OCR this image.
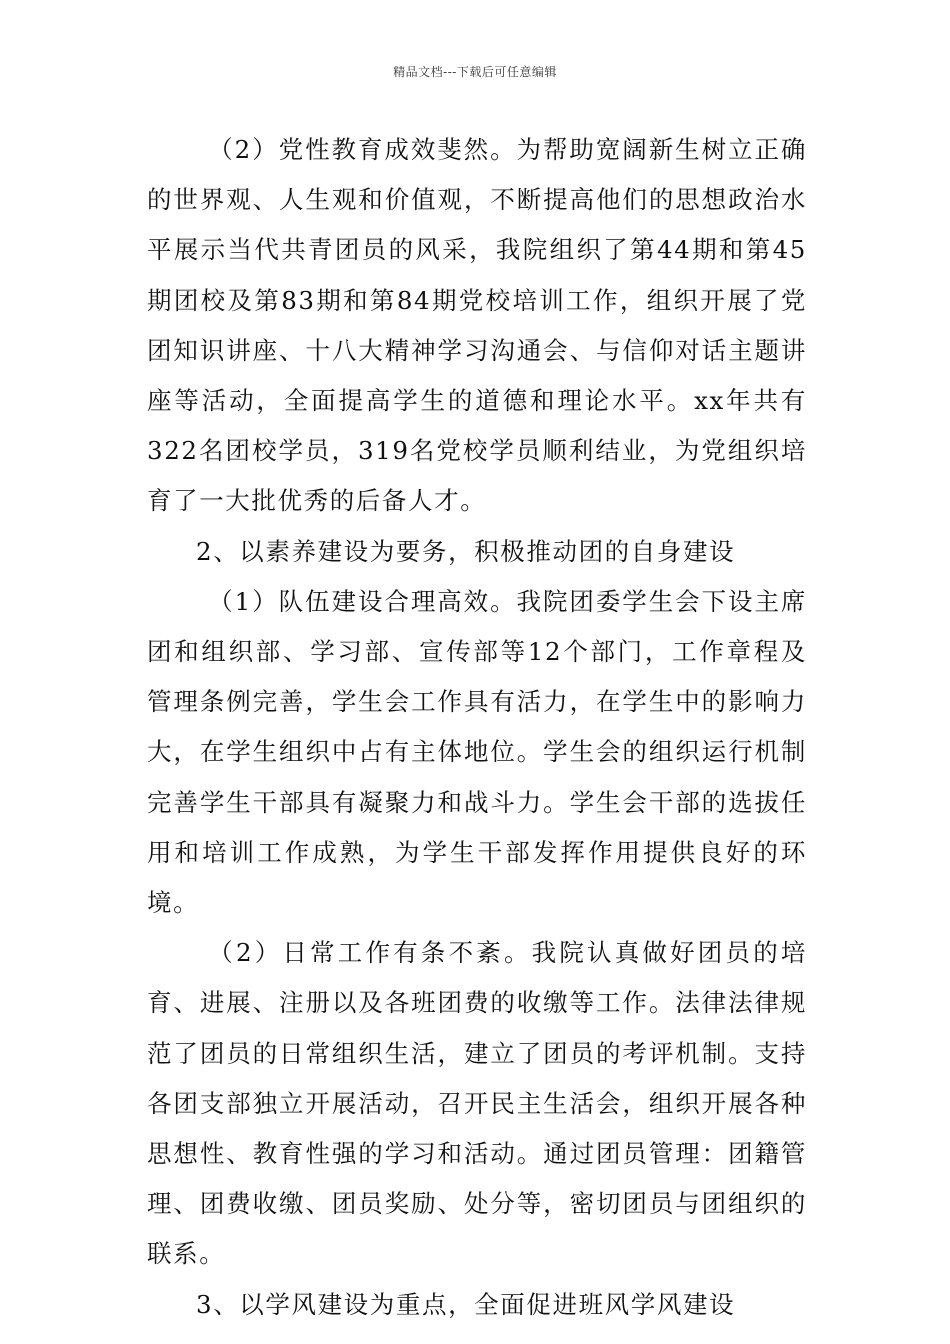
精品文档---下载后可任意编辑

（2）党性教育成效斐然。为帮助宽阔新生树立正确的世界观、人生观和价值观，不断提高他们的思想政治水平展示当代共青团员的风采，我院组织了第44期和第45期团校及第83期和第84期党校培训工作，组织开展了党团知识讲座、十八大精神学习沟通会、与信仰对话主题讲座等活动，全面提高学生的道德和理论水平。xx年共有322名团校学员，319名党校学员顺利结业，为党组织培育了一大批优秀的后备人才。

2、以素养建设为要务，积极推动团的自身建设

（1）队伍建设合理高效。我院团委学生会下设主席团和组织部、学习部、宣传部等12个部门，工作章程及管理条例完善，学生会工作具有活力，在学生中的影响力大，在学生组织中占有主体地位。学生会的组织运行机制完善学生干部具有凝聚力和战斗力。学生会干部的选拔任用和培训工作成熟，为学生干部发挥作用提供良好的环境。

（2）日常工作有条不紊。我院认真做好团员的培育、进展、注册以及各班团费的收缴等工作。法律法律规范了团员的日常组织生活，建立了团员的考评机制。支持各团支部独立开展活动，召开民主生活会，组织开展各种思想性、教育性强的学习和活动。通过团员管理：团籍管理、团费收缴、团员奖励、处分等，密切团员与团组织的联系。

3、以学风建设为重点，全面促进班风学风建设
